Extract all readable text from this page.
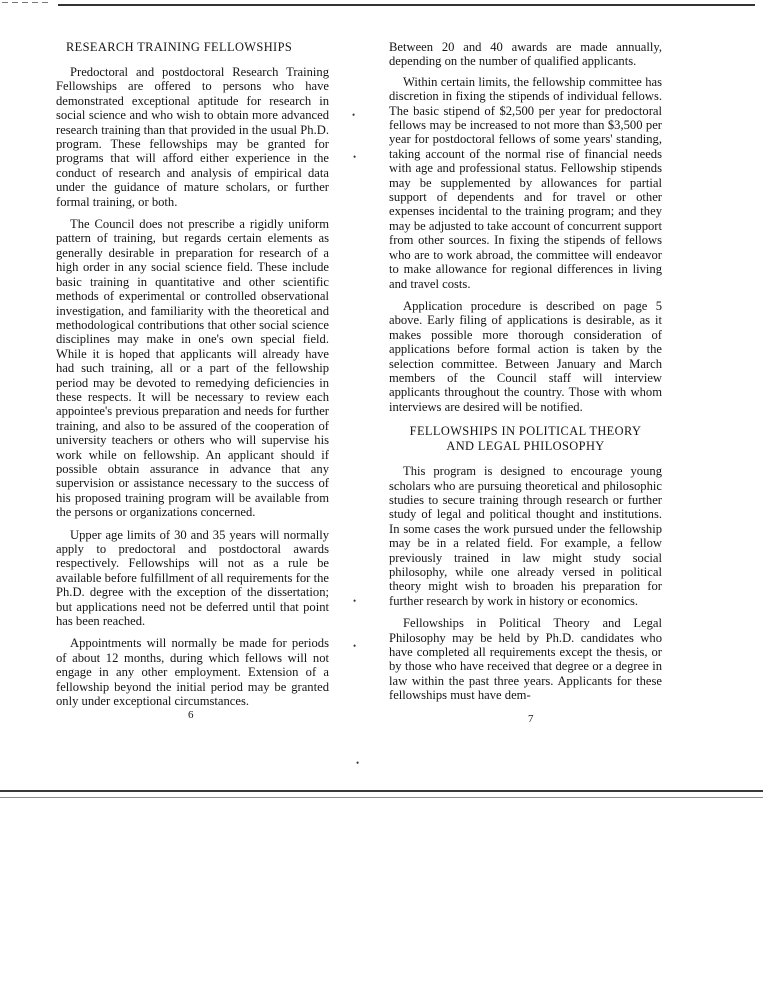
RESEARCH TRAINING FELLOWSHIPS

Predoctoral and postdoctoral Research Training Fellowships are offered to persons who have demonstrated exceptional aptitude for research in social science and who wish to obtain more advanced research training than that provided in the usual Ph.D. program. These fellowships may be granted for programs that will afford either experience in the conduct of research and analysis of empirical data under the guidance of mature scholars, or further formal training, or both.

The Council does not prescribe a rigidly uniform pattern of training, but regards certain elements as generally desirable in preparation for research of a high order in any social science field. These include basic training in quantitative and other scientific methods of experimental or controlled observational investigation, and familiarity with the theoretical and methodological contributions that other social science disciplines may make in one's own special field. While it is hoped that applicants will already have had such training, all or a part of the fellowship period may be devoted to remedying deficiencies in these respects. It will be necessary to review each appointee's previous preparation and needs for further training, and also to be assured of the cooperation of university teachers or others who will supervise his work while on fellowship. An applicant should if possible obtain assurance in advance that any supervision or assistance necessary to the success of his proposed training program will be available from the persons or organizations concerned.

Upper age limits of 30 and 35 years will normally apply to predoctoral and postdoctoral awards respectively. Fellowships will not as a rule be available before fulfillment of all requirements for the Ph.D. degree with the exception of the dissertation; but applications need not be deferred until that point has been reached.

Appointments will normally be made for periods of about 12 months, during which fellows will not engage in any other employment. Extension of a fellowship beyond the initial period may be granted only under exceptional circumstances.

Between 20 and 40 awards are made annually, depending on the number of qualified applicants.

Within certain limits, the fellowship committee has discretion in fixing the stipends of individual fellows. The basic stipend of $2,500 per year for predoctoral fellows may be increased to not more than $3,500 per year for postdoctoral fellows of some years' standing, taking account of the normal rise of financial needs with age and professional status. Fellowship stipends may be supplemented by allowances for partial support of dependents and for travel or other expenses incidental to the training program; and they may be adjusted to take account of concurrent support from other sources. In fixing the stipends of fellows who are to work abroad, the committee will endeavor to make allowance for regional differences in living and travel costs.

Application procedure is described on page 5 above. Early filing of applications is desirable, as it makes possible more thorough consideration of applications before formal action is taken by the selection committee. Between January and March members of the Council staff will interview applicants throughout the country. Those with whom interviews are desired will be notified.

FELLOWSHIPS IN POLITICAL THEORY
AND LEGAL PHILOSOPHY

This program is designed to encourage young scholars who are pursuing theoretical and philosophic studies to secure training through research or further study of legal and political thought and institutions. In some cases the work pursued under the fellowship may be in a related field. For example, a fellow previously trained in law might study social philosophy, while one already versed in political theory might wish to broaden his preparation for further research by work in history or economics.

Fellowships in Political Theory and Legal Philosophy may be held by Ph.D. candidates who have completed all requirements except the thesis, or by those who have received that degree or a degree in law within the past three years. Applicants for these fellowships must have dem-

6	7
•
•
•
•
•
